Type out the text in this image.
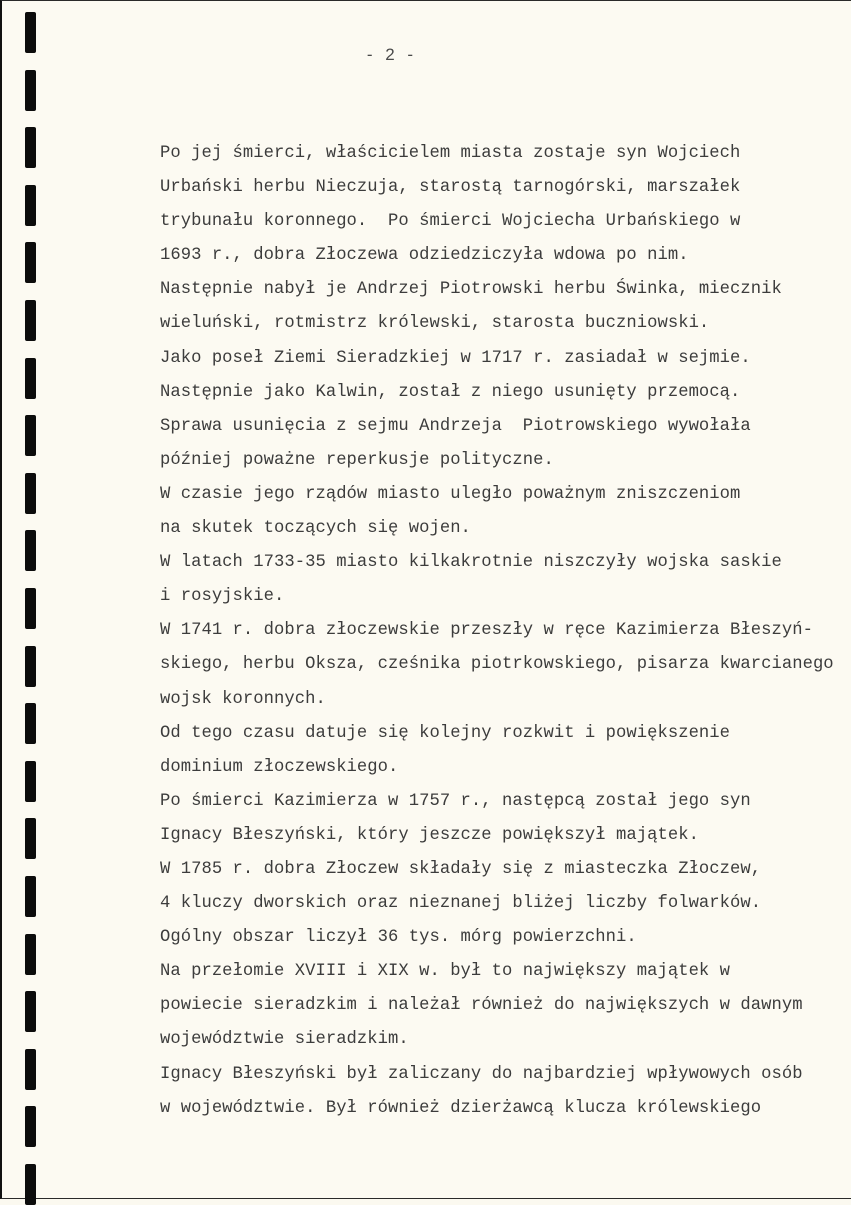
- 2 -
Po jej śmierci, właścicielem miasta zostaje syn Wojciech
Urbański herbu Nieczuja, starostą tarnogórski, marszałek
trybunału koronnego.  Po śmierci Wojciecha Urbańskiego w
1693 r., dobra Złoczewa odziedziczyła wdowa po nim.
Następnie nabył je Andrzej Piotrowski herbu Świnka, miecznik
wieluński, rotmistrz królewski, starosta buczniowski.
Jako poseł Ziemi Sieradzkiej w 1717 r. zasiadał w sejmie.
Następnie jako Kalwin, został z niego usunięty przemocą.
Sprawa usunięcia z sejmu Andrzeja  Piotrowskiego wywołała
później poważne reperkusje polityczne.
W czasie jego rządów miasto uległo poważnym zniszczeniom
na skutek toczących się wojen.
W latach 1733-35 miasto kilkakrotnie niszczyły wojska saskie
i rosyjskie.
W 1741 r. dobra złoczewskie przeszły w ręce Kazimierza Błeszyń-
skiego, herbu Oksza, cześnika piotrkowskiego, pisarza kwarcianego
wojsk koronnych.
Od tego czasu datuje się kolejny rozkwit i powiększenie
dominium złoczewskiego.
Po śmierci Kazimierza w 1757 r., następcą został jego syn
Ignacy Błeszyński, który jeszcze powiększył majątek.
W 1785 r. dobra Złoczew składały się z miasteczka Złoczew,
4 kluczy dworskich oraz nieznanej bliżej liczby folwarków.
Ogólny obszar liczył 36 tys. mórg powierzchni.
Na przełomie XVIII i XIX w. był to największy majątek w
powiecie sieradzkim i należał również do największych w dawnym
województwie sieradzkim.
Ignacy Błeszyński był zaliczany do najbardziej wpływowych osób
w województwie. Był również dzierżawcą klucza królewskiego
